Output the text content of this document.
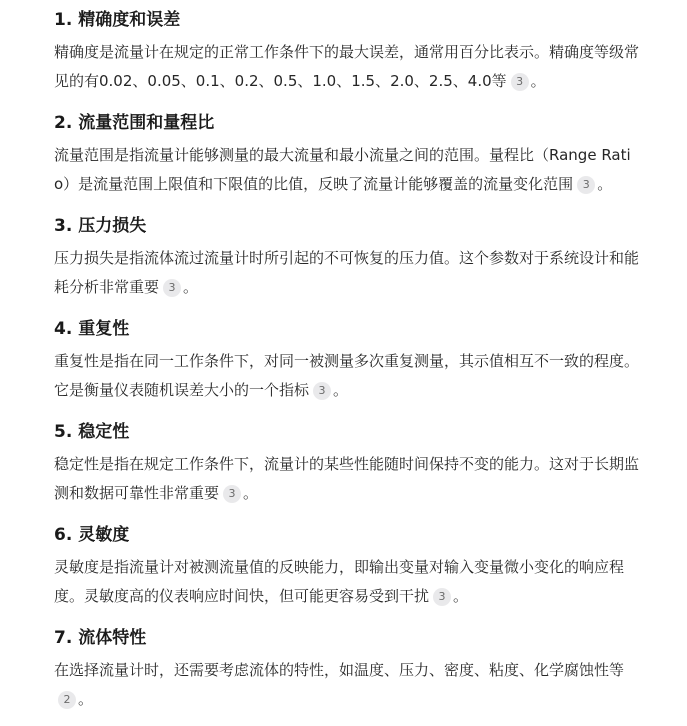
1. 精确度和误差

精确度是流量计在规定的正常工作条件下的最大误差，通常用百分比表示。精确度等级常见的有0.02、0.05、0.1、0.2、0.5、1.0、1.5、2.0、2.5、4.0等 3 。

2. 流量范围和量程比

流量范围是指流量计能够测量的最大流量和最小流量之间的范围。量程比（Range Ratio）是流量范围上限值和下限值的比值，反映了流量计能够覆盖的流量变化范围 3 。

3. 压力损失

压力损失是指流体流过流量计时所引起的不可恢复的压力值。这个参数对于系统设计和能耗分析非常重要 3 。

4. 重复性

重复性是指在同一工作条件下，对同一被测量多次重复测量，其示值相互不一致的程度。它是衡量仪表随机误差大小的一个指标 3 。

5. 稳定性

稳定性是指在规定工作条件下，流量计的某些性能随时间保持不变的能力。这对于长期监测和数据可靠性非常重要 3 。

6. 灵敏度

灵敏度是指流量计对被测流量值的反映能力，即输出变量对输入变量微小变化的响应程度。灵敏度高的仪表响应时间快，但可能更容易受到干扰 3 。

7. 流体特性

在选择流量计时，还需要考虑流体的特性，如温度、压力、密度、粘度、化学腐蚀性等2 。
